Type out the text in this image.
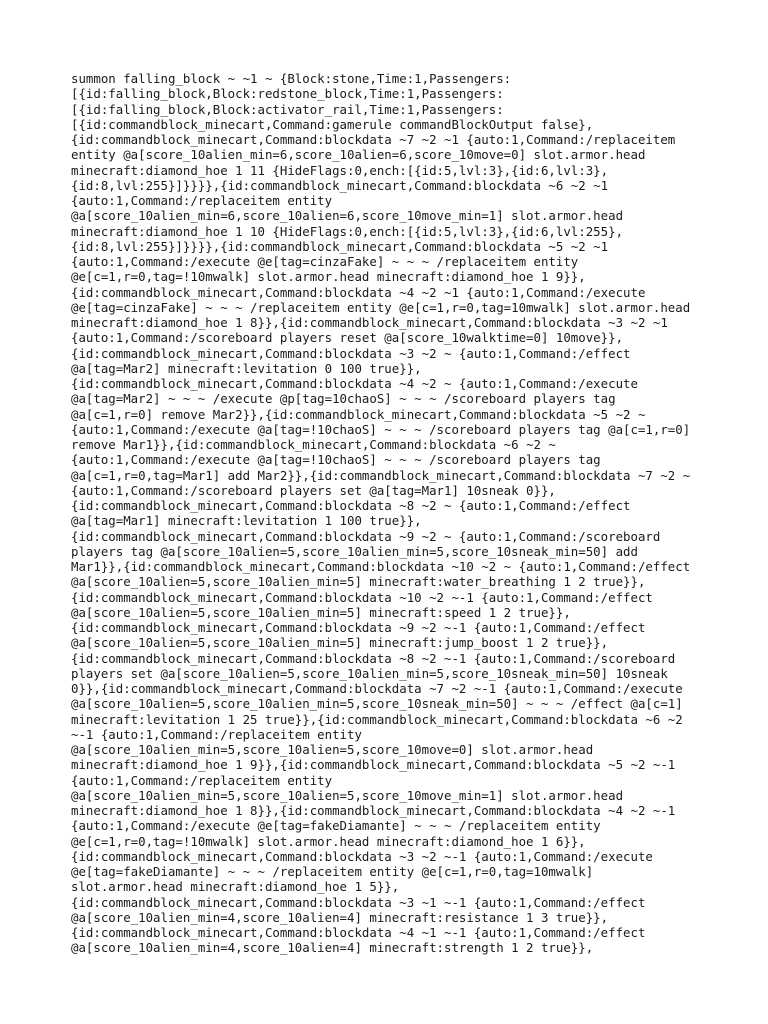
summon falling_block ~ ~1 ~ {Block:stone,Time:1,Passengers:
[{id:falling_block,Block:redstone_block,Time:1,Passengers:
[{id:falling_block,Block:activator_rail,Time:1,Passengers:
[{id:commandblock_minecart,Command:gamerule commandBlockOutput false},
{id:commandblock_minecart,Command:blockdata ~7 ~2 ~1 {auto:1,Command:/replaceitem
entity @a[score_10alien_min=6,score_10alien=6,score_10move=0] slot.armor.head
minecraft:diamond_hoe 1 11 {HideFlags:0,ench:[{id:5,lvl:3},{id:6,lvl:3},
{id:8,lvl:255}]}}}},{id:commandblock_minecart,Command:blockdata ~6 ~2 ~1
{auto:1,Command:/replaceitem entity
@a[score_10alien_min=6,score_10alien=6,score_10move_min=1] slot.armor.head
minecraft:diamond_hoe 1 10 {HideFlags:0,ench:[{id:5,lvl:3},{id:6,lvl:255},
{id:8,lvl:255}]}}}},{id:commandblock_minecart,Command:blockdata ~5 ~2 ~1
{auto:1,Command:/execute @e[tag=cinzaFake] ~ ~ ~ /replaceitem entity
@e[c=1,r=0,tag=!10mwalk] slot.armor.head minecraft:diamond_hoe 1 9}},
{id:commandblock_minecart,Command:blockdata ~4 ~2 ~1 {auto:1,Command:/execute
@e[tag=cinzaFake] ~ ~ ~ /replaceitem entity @e[c=1,r=0,tag=10mwalk] slot.armor.head
minecraft:diamond_hoe 1 8}},{id:commandblock_minecart,Command:blockdata ~3 ~2 ~1
{auto:1,Command:/scoreboard players reset @a[score_10walktime=0] 10move}},
{id:commandblock_minecart,Command:blockdata ~3 ~2 ~ {auto:1,Command:/effect
@a[tag=Mar2] minecraft:levitation 0 100 true}},
{id:commandblock_minecart,Command:blockdata ~4 ~2 ~ {auto:1,Command:/execute
@a[tag=Mar2] ~ ~ ~ /execute @p[tag=10chaoS] ~ ~ ~ /scoreboard players tag
@a[c=1,r=0] remove Mar2}},{id:commandblock_minecart,Command:blockdata ~5 ~2 ~
{auto:1,Command:/execute @a[tag=!10chaoS] ~ ~ ~ /scoreboard players tag @a[c=1,r=0]
remove Mar1}},{id:commandblock_minecart,Command:blockdata ~6 ~2 ~
{auto:1,Command:/execute @a[tag=!10chaoS] ~ ~ ~ /scoreboard players tag
@a[c=1,r=0,tag=Mar1] add Mar2}},{id:commandblock_minecart,Command:blockdata ~7 ~2 ~
{auto:1,Command:/scoreboard players set @a[tag=Mar1] 10sneak 0}},
{id:commandblock_minecart,Command:blockdata ~8 ~2 ~ {auto:1,Command:/effect
@a[tag=Mar1] minecraft:levitation 1 100 true}},
{id:commandblock_minecart,Command:blockdata ~9 ~2 ~ {auto:1,Command:/scoreboard
players tag @a[score_10alien=5,score_10alien_min=5,score_10sneak_min=50] add
Mar1}},{id:commandblock_minecart,Command:blockdata ~10 ~2 ~ {auto:1,Command:/effect
@a[score_10alien=5,score_10alien_min=5] minecraft:water_breathing 1 2 true}},
{id:commandblock_minecart,Command:blockdata ~10 ~2 ~-1 {auto:1,Command:/effect
@a[score_10alien=5,score_10alien_min=5] minecraft:speed 1 2 true}},
{id:commandblock_minecart,Command:blockdata ~9 ~2 ~-1 {auto:1,Command:/effect
@a[score_10alien=5,score_10alien_min=5] minecraft:jump_boost 1 2 true}},
{id:commandblock_minecart,Command:blockdata ~8 ~2 ~-1 {auto:1,Command:/scoreboard
players set @a[score_10alien=5,score_10alien_min=5,score_10sneak_min=50] 10sneak
0}},{id:commandblock_minecart,Command:blockdata ~7 ~2 ~-1 {auto:1,Command:/execute
@a[score_10alien=5,score_10alien_min=5,score_10sneak_min=50] ~ ~ ~ /effect @a[c=1]
minecraft:levitation 1 25 true}},{id:commandblock_minecart,Command:blockdata ~6 ~2
~-1 {auto:1,Command:/replaceitem entity
@a[score_10alien_min=5,score_10alien=5,score_10move=0] slot.armor.head
minecraft:diamond_hoe 1 9}},{id:commandblock_minecart,Command:blockdata ~5 ~2 ~-1
{auto:1,Command:/replaceitem entity
@a[score_10alien_min=5,score_10alien=5,score_10move_min=1] slot.armor.head
minecraft:diamond_hoe 1 8}},{id:commandblock_minecart,Command:blockdata ~4 ~2 ~-1
{auto:1,Command:/execute @e[tag=fakeDiamante] ~ ~ ~ /replaceitem entity
@e[c=1,r=0,tag=!10mwalk] slot.armor.head minecraft:diamond_hoe 1 6}},
{id:commandblock_minecart,Command:blockdata ~3 ~2 ~-1 {auto:1,Command:/execute
@e[tag=fakeDiamante] ~ ~ ~ /replaceitem entity @e[c=1,r=0,tag=10mwalk]
slot.armor.head minecraft:diamond_hoe 1 5}},
{id:commandblock_minecart,Command:blockdata ~3 ~1 ~-1 {auto:1,Command:/effect
@a[score_10alien_min=4,score_10alien=4] minecraft:resistance 1 3 true}},
{id:commandblock_minecart,Command:blockdata ~4 ~1 ~-1 {auto:1,Command:/effect
@a[score_10alien_min=4,score_10alien=4] minecraft:strength 1 2 true}},
